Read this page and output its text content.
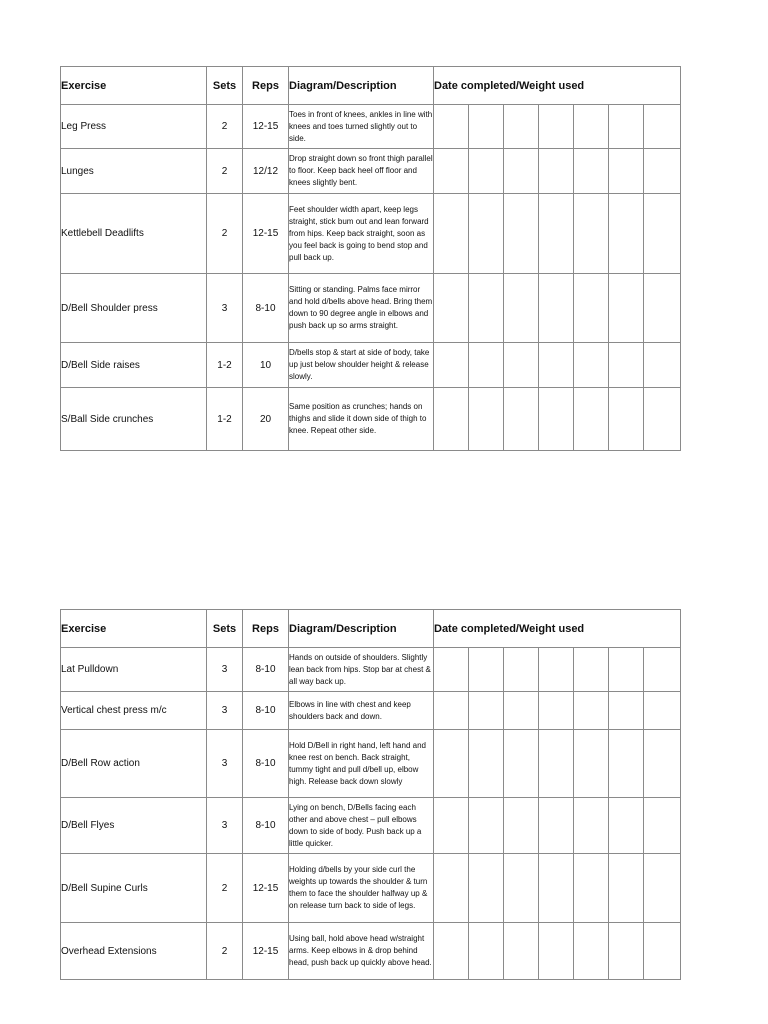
Exercise	Sets	Reps	Diagram/Description	Date completed/Weight used						
Leg Press	2	12-15	Toes in front of knees, ankles in line with knees and toes turned slightly out to side.							
Lunges	2	12/12	Drop straight down so front thigh parallel to floor. Keep back heel off floor and knees slightly bent.							
Kettlebell Deadlifts	2	12-15	Feet shoulder width apart, keep legs straight, stick bum out and lean forward from hips. Keep back straight, soon as you feel back is going to bend stop and pull back up.							
D/Bell Shoulder press	3	8-10	Sitting or standing. Palms face mirror and hold d/bells above head. Bring them down to 90 degree angle in elbows and push back up so arms straight.							
D/Bell Side raises	1-2	10	D/bells stop & start at side of body, take up just below shoulder height & release slowly.							
S/Ball Side crunches	1-2	20	Same position as crunches; hands on thighs and slide it down side of thigh to knee. Repeat other side.							
Exercise	Sets	Reps	Diagram/Description	Date completed/Weight used						
Lat Pulldown	3	8-10	Hands on outside of shoulders. Slightly lean back from hips. Stop bar at chest & all way back up.							
Vertical chest press m/c	3	8-10	Elbows in line with chest and keep shoulders back and down.							
D/Bell Row action	3	8-10	Hold D/Bell in right hand, left hand and knee rest on bench. Back straight, tummy tight and pull d/bell up, elbow high. Release back down slowly							
D/Bell Flyes	3	8-10	Lying on bench, D/Bells facing each other and above chest – pull elbows down to side of body. Push back up a little quicker.							
D/Bell Supine Curls	2	12-15	Holding d/bells by your side curl the weights up towards the shoulder & turn them to face the shoulder halfway up & on release turn back to side of legs.							
Overhead Extensions	2	12-15	Using ball, hold above head w/straight arms. Keep elbows in & drop behind head, push back up quickly above head.							
